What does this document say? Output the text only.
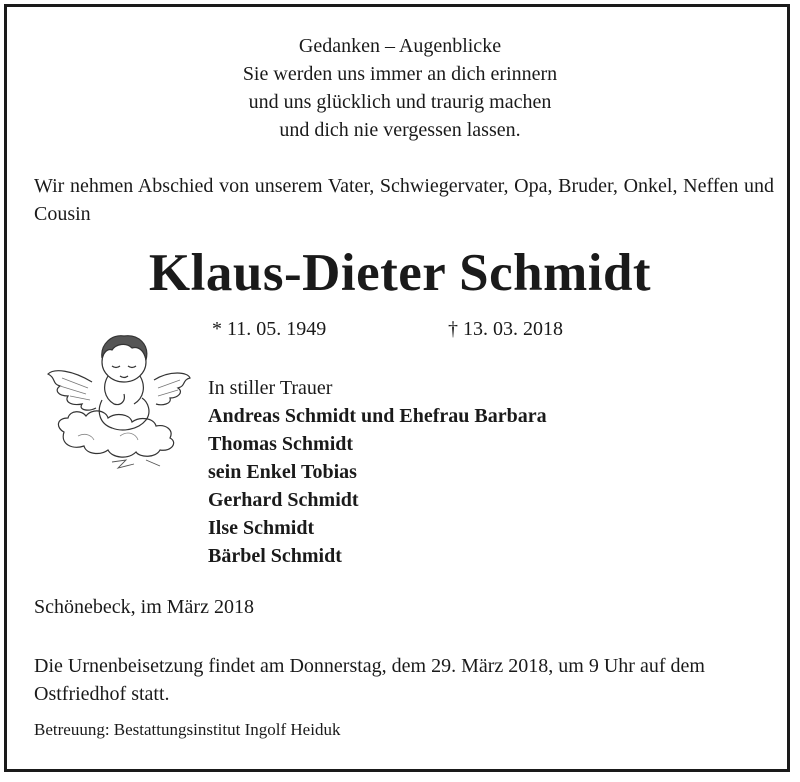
Gedanken – Augenblicke
Sie werden uns immer an dich erinnern
und uns glücklich und traurig machen
und dich nie vergessen lassen.
Wir nehmen Abschied von unserem Vater, Schwiegervater, Opa, Bruder, Onkel, Neffen und Cousin
Klaus-Dieter Schmidt
* 11. 05. 1949	† 13. 03. 2018
In stiller Trauer
Andreas Schmidt und Ehefrau Barbara
Thomas Schmidt
sein Enkel Tobias
Gerhard Schmidt
Ilse Schmidt
Bärbel Schmidt
Schönebeck, im März 2018
Die Urnenbeisetzung findet am Donnerstag, dem 29. März 2018, um 9 Uhr auf dem Ostfriedhof statt.
Betreuung: Bestattungsinstitut Ingolf Heiduk
